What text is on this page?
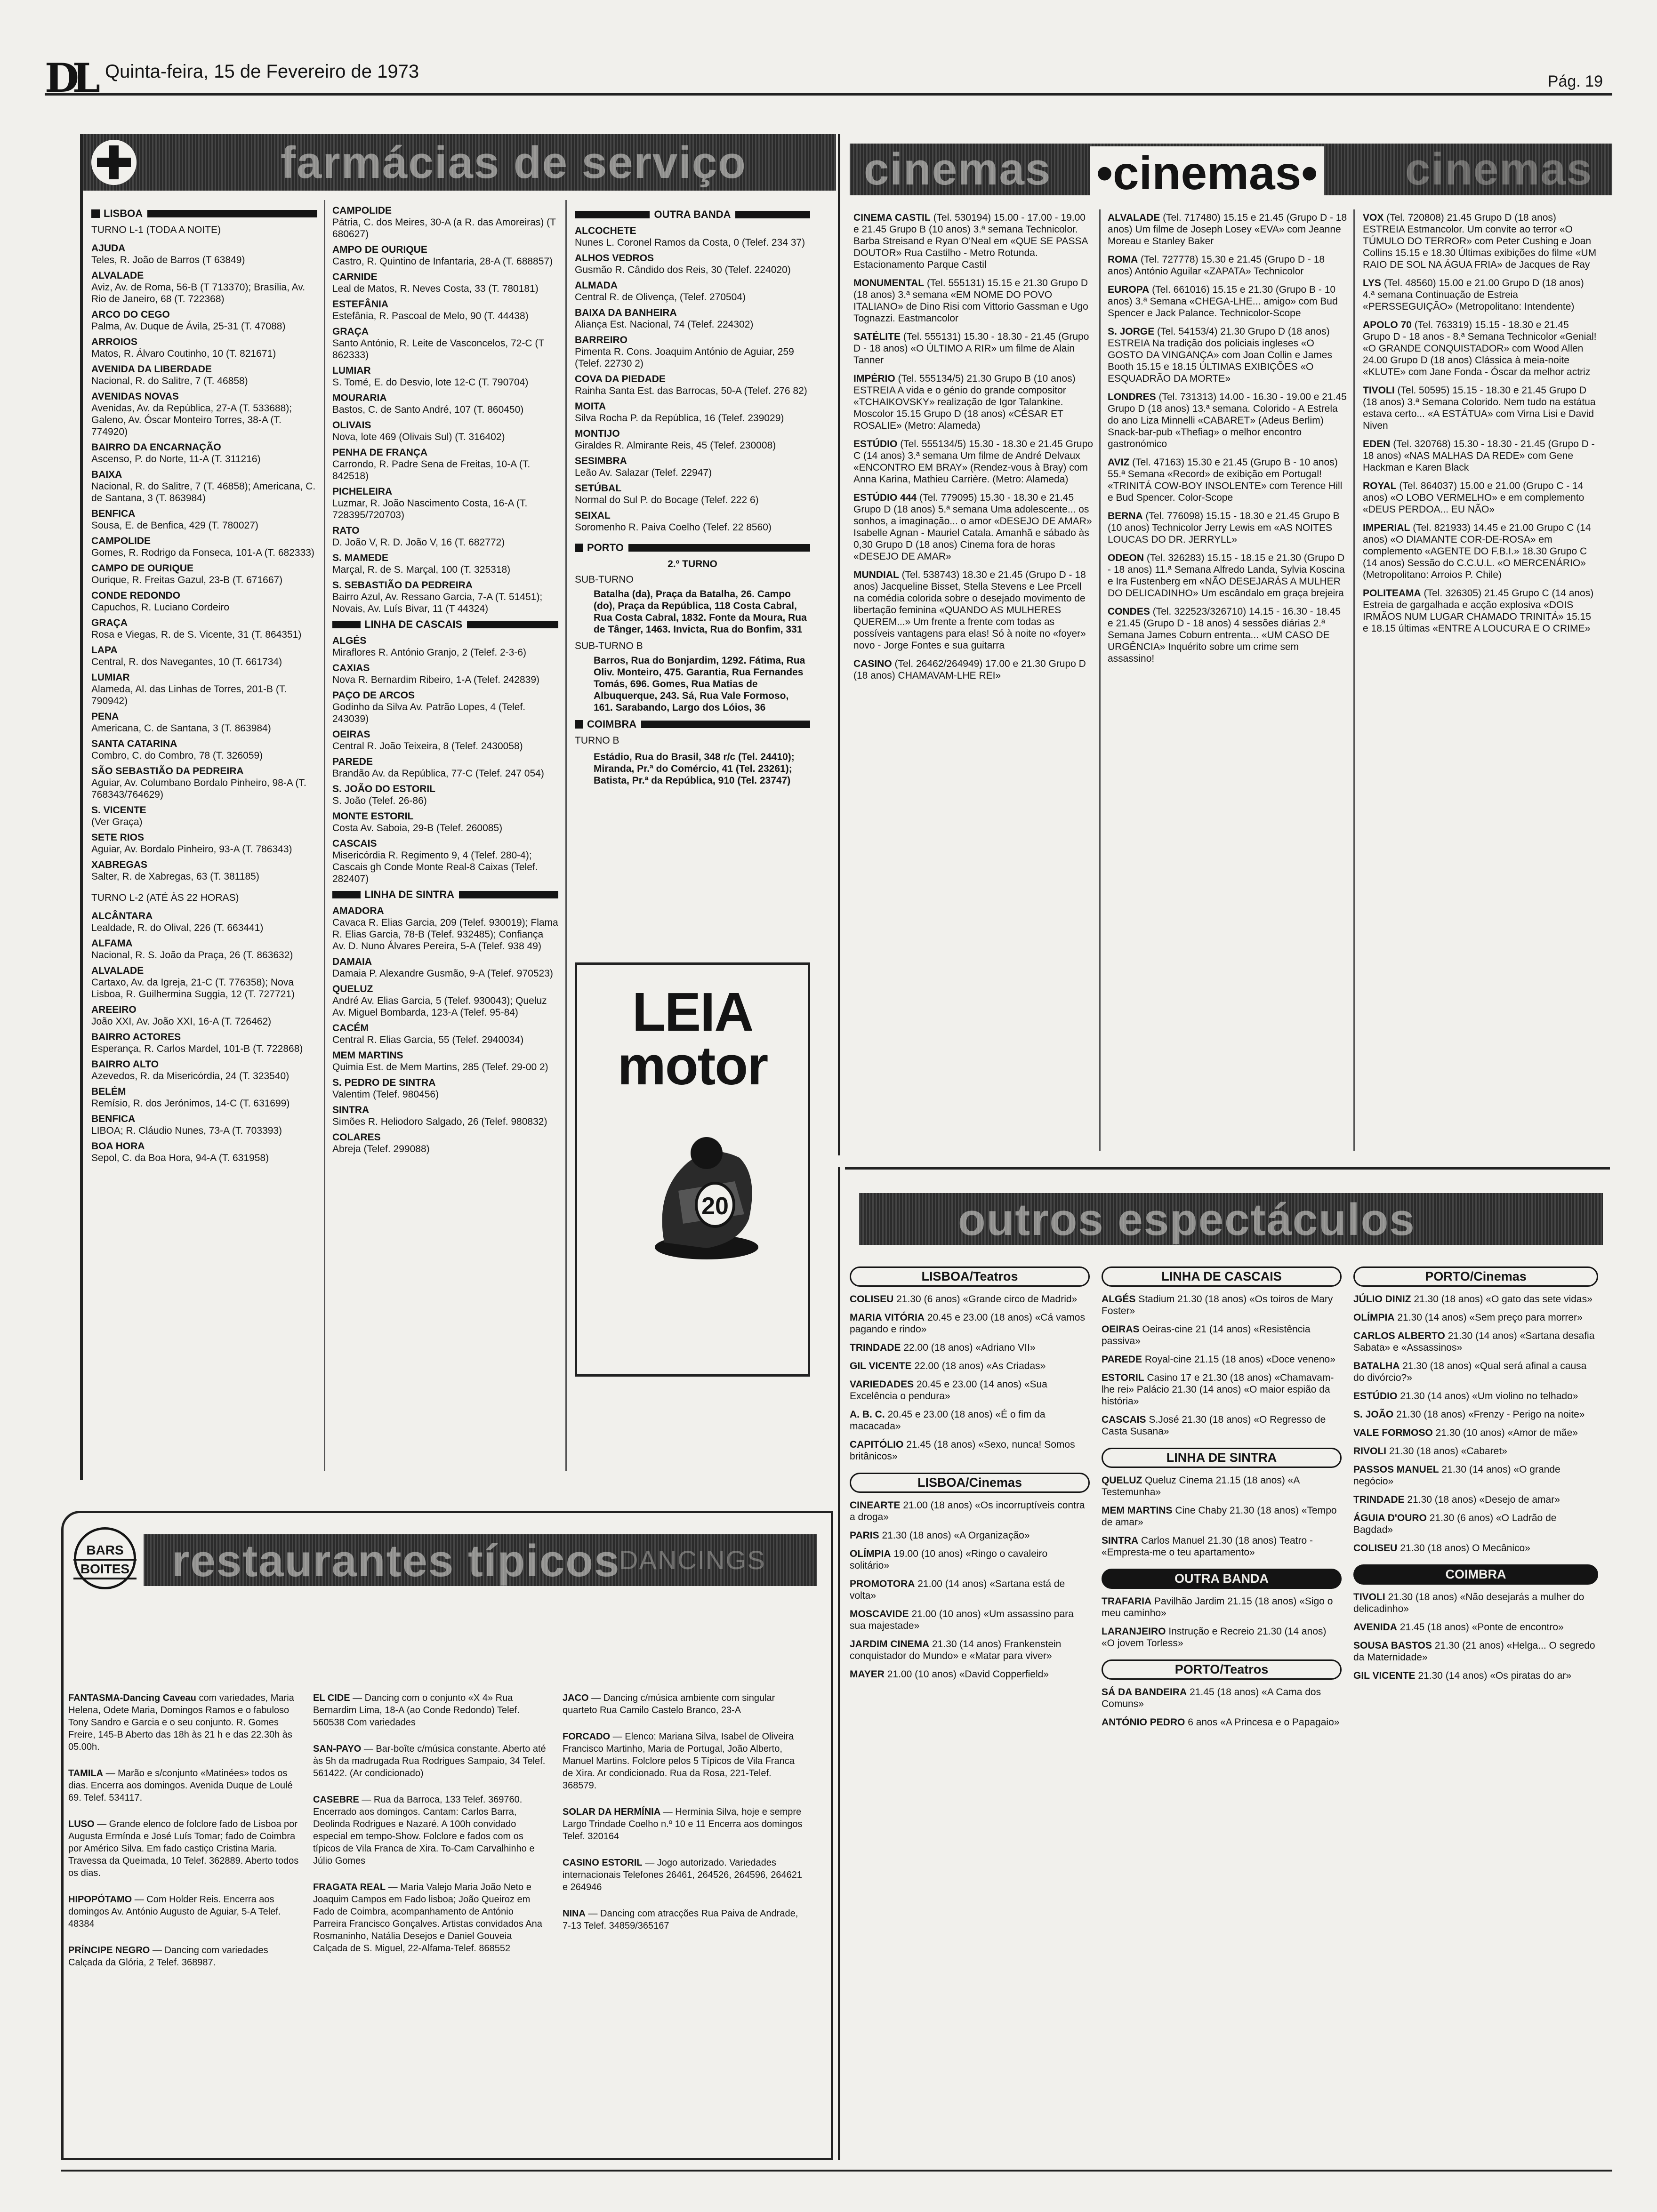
DL Quinta-feira, 15 de Fevereiro de 1973	Pág. 19
farmácias de serviço
LISBOA
TURNO L-1 (TODA A NOITE)
AJUDA
Teles, R. João de Barros (T 63849)
ALVALADE
Aviz, Av. de Roma, 56-B (T 713370); Brasília, Av. Rio de Janeiro, 68 (T. 722368)
ARCO DO CEGO
Palma, Av. Duque de Ávila, 25-31 (T. 47088)
ARROIOS
Matos, R. Álvaro Coutinho, 10 (T. 821671)
AVENIDA DA LIBERDADE
Nacional, R. do Salitre, 7 (T. 46858)
AVENIDAS NOVAS
Avenidas, Av. da República, 27-A (T. 533688); Galeno, Av. Óscar Monteiro Torres, 38-A (T. 774920)
BAIRRO DA ENCARNAÇÃO
Ascenso, P. do Norte, 11-A (T. 311216)
BAIXA
Nacional, R. do Salitre, 7 (T. 46858); Americana, C. de Santana, 3 (T. 863984)
BENFICA
Sousa, E. de Benfica, 429 (T. 780027)
CAMPOLIDE
Gomes, R. Rodrigo da Fonseca, 101-A (T. 682333)
CAMPO DE OURIQUE
Ourique, R. Freitas Gazul, 23-B (T. 671667)
CONDE REDONDO
Capuchos, R. Luciano Cordeiro
GRAÇA
Rosa e Viegas, R. de S. Vicente, 31 (T. 864351)
LAPA
Central, R. dos Navegantes, 10 (T. 661734)
LUMIAR
Alameda, Al. das Linhas de Torres, 201-B (T. 790942)
PENA
Americana, C. de Santana, 3 (T. 863984)
SANTA CATARINA
Combro, C. do Combro, 78 (T. 326059)
SÃO SEBASTIÃO DA PEDREIRA
Aguiar, Av. Columbano Bordalo Pinheiro, 98-A (T. 768343/764629)
S. VICENTE
(Ver Graça)
SETE RIOS
Aguiar, Av. Bordalo Pinheiro, 93-A (T. 786343)
XABREGAS
Salter, R. de Xabregas, 63 (T. 381185)
TURNO L-2 (ATÉ ÀS 22 HORAS)
ALCÂNTARA
Lealdade, R. do Olival, 226 (T. 663441)
ALFAMA
Nacional, R. S. João da Praça, 26 (T. 863632)
ALVALADE
Cartaxo, Av. da Igreja, 21-C (T. 776358); Nova Lisboa, R. Guilhermina Suggia, 12 (T. 727721)
AREEIRO
João XXI, Av. João XXI, 16-A (T. 726462)
BAIRRO ACTORES
Esperança, R. Carlos Mardel, 101-B (T. 722868)
BAIRRO ALTO
Azevedos, R. da Misericórdia, 24 (T. 323540)
BELÉM
Remísio, R. dos Jerónimos, 14-C (T. 631699)
BENFICA
LIBOA; R. Cláudio Nunes, 73-A (T. 703393)
BOA HORA
Sepol, C. da Boa Hora, 94-A (T. 631958)
CAMPOLIDE
Pátria, C. dos Meires, 30-A (a R. das Amoreiras) (T 680627)
AMPO DE OURIQUE
Castro, R. Quintino de Infantaria, 28-A (T. 688857)
CARNIDE
Leal de Matos, R. Neves Costa, 33 (T. 780181)
ESTEFÂNIA
Estefânia, R. Pascoal de Melo, 90 (T. 44438)
GRAÇA
Santo António, R. Leite de Vasconcelos, 72-C (T 862333)
LUMIAR
S. Tomé, E. do Desvio, lote 12-C (T. 790704)
MOURARIA
Bastos, C. de Santo André, 107 (T. 860450)
OLIVAIS
Nova, lote 469 (Olivais Sul) (T. 316402)
PENHA DE FRANÇA
Carrondo, R. Padre Sena de Freitas, 10-A (T. 842518)
PICHELEIRA
Luzmar, R. João Nascimento Costa, 16-A (T. 728395/720703)
RATO
D. João V, R. D. João V, 16 (T. 682772)
S. MAMEDE
Marçal, R. de S. Marçal, 100 (T. 325318)
S. SEBASTIÃO DA PEDREIRA
Bairro Azul, Av. Ressano Garcia, 7-A (T. 51451); Novais, Av. Luís Bivar, 11 (T 44324)
LINHA DE CASCAIS
ALGÉS
Miraflores R. António Granjo, 2 (Telef. 2-3-6)
CAXIAS
Nova R. Bernardim Ribeiro, 1-A (Telef. 242839)
PAÇO DE ARCOS
Godinho da Silva Av. Patrão Lopes, 4 (Telef. 243039)
OEIRAS
Central R. João Teixeira, 8 (Telef. 2430058)
PAREDE
Brandão Av. da República, 77-C (Telef. 247 054)
S. JOÃO DO ESTORIL
S. João (Telef. 26-86)
MONTE ESTORIL
Costa Av. Saboia, 29-B (Telef. 260085)
CASCAIS
Misericórdia R. Regimento 9, 4 (Telef. 280-4); Cascais gh Conde Monte Real-8 Caixas (Telef. 282407)
LINHA DE SINTRA
AMADORA
Cavaca R. Elias Garcia, 209 (Telef. 930019); Flama R. Elias Garcia, 78-B (Telef. 932485); Confiança Av. D. Nuno Álvares Pereira, 5-A (Telef. 938 49)
DAMAIA
Damaia P. Alexandre Gusmão, 9-A (Telef. 970523)
QUELUZ
André Av. Elias Garcia, 5 (Telef. 930043); Queluz Av. Miguel Bombarda, 123-A (Telef. 95-84)
CACÉM
Central R. Elias Garcia, 55 (Telef. 2940034)
MEM MARTINS
Quimia Est. de Mem Martins, 285 (Telef. 29-00 2)
S. PEDRO DE SINTRA
Valentim (Telef. 980456)
SINTRA
Simões R. Heliodoro Salgado, 26 (Telef. 980832)
COLARES
Abreja (Telef. 299088)
OUTRA BANDA
ALCOCHETE
Nunes L. Coronel Ramos da Costa, 0 (Telef. 234 37)
ALHOS VEDROS
Gusmão R. Cândido dos Reis, 30 (Telef. 224020)
ALMADA
Central R. de Olivença, (Telef. 270504)
BAIXA DA BANHEIRA
Aliança Est. Nacional, 74 (Telef. 224302)
BARREIRO
Pimenta R. Cons. Joaquim António de Aguiar, 259 (Telef. 22730 2)
COVA DA PIEDADE
Rainha Santa Est. das Barrocas, 50-A (Telef. 276 82)
MOITA
Silva Rocha P. da República, 16 (Telef. 239029)
MONTIJO
Giraldes R. Almirante Reis, 45 (Telef. 230008)
SESIMBRA
Leão Av. Salazar (Telef. 22947)
SETÚBAL
Normal do Sul P. do Bocage (Telef. 222 6)
SEIXAL
Soromenho R. Paiva Coelho (Telef. 22 8560)
PORTO
2.º TURNO
SUB-TURNO
Batalha (da), Praça da Batalha, 26. Campo (do), Praça da República, 118 Costa Cabral, Rua Costa Cabral, 1832. Fonte da Moura, Rua de Tânger, 1463. Invicta, Rua do Bonfim, 331
SUB-TURNO B
Barros, Rua do Bonjardim, 1292. Fátima, Rua Oliv. Monteiro, 475. Garantia, Rua Fernandes Tomás, 696. Gomes, Rua Matias de Albuquerque, 243. Sá, Rua Vale Formoso, 161. Sarabando, Largo dos Lóios, 36
COIMBRA
TURNO B
Estádio, Rua do Brasil, 348 r/c (Tel. 24410); Miranda, Pr.ª do Comércio, 41 (Tel. 23261); Batista, Pr.ª da República, 910 (Tel. 23747)
LEIA
motor
20
restaurantes típicos
DANCINGS
BARS
BOITES
FANTASMA-Dancing Caveau com variedades, Maria Helena, Odete Maria, Domingos Ramos e o fabuloso Tony Sandro e Garcia e o seu conjunto. R. Gomes Freire, 145-B Aberto das 18h às 21 h e das 22.30h às 05.00h.
TAMILA — Marão e s/conjunto «Matinées» todos os dias. Encerra aos domingos. Avenida Duque de Loulé 69. Telef. 534117.
LUSO — Grande elenco de folclore fado de Lisboa por Augusta Ermínda e José Luís Tomar; fado de Coimbra por Américo Silva. Em fado castiço Cristina Maria. Travessa da Queimada, 10 Telef. 362889. Aberto todos os dias.
HIPOPÓTAMO — Com Holder Reis. Encerra aos domingos Av. António Augusto de Aguiar, 5-A Telef. 48384
PRÍNCIPE NEGRO — Dancing com variedades Calçada da Glória, 2 Telef. 368987.
EL CIDE — Dancing com o conjunto «X 4» Rua Bernardim Lima, 18-A (ao Conde Redondo) Telef. 560538 Com variedades
SAN-PAYO — Bar-boîte c/música constante. Aberto até às 5h da madrugada Rua Rodrigues Sampaio, 34 Telef. 561422. (Ar condicionado)
CASEBRE — Rua da Barroca, 133 Telef. 369760. Encerrado aos domingos. Cantam: Carlos Barra, Deolinda Rodrigues e Nazaré. A 100h convidado especial em tempo-Show. Folclore e fados com os típicos de Vila Franca de Xira. To-Cam Carvalhinho e Júlio Gomes
FRAGATA REAL — Maria Valejo Maria João Neto e Joaquim Campos em Fado lisboa; João Queiroz em Fado de Coimbra, acompanhamento de António Parreira Francisco Gonçalves. Artistas convidados Ana Rosmaninho, Natália Desejos e Daniel Gouveia Calçada de S. Miguel, 22-Alfama-Telef. 868552
JACO — Dancing c/música ambiente com singular quarteto Rua Camilo Castelo Branco, 23-A
FORCADO — Elenco: Mariana Silva, Isabel de Oliveira Francisco Martinho, Maria de Portugal, João Alberto, Manuel Martins. Folclore pelos 5 Típicos de Vila Franca de Xira. Ar condicionado. Rua da Rosa, 221-Telef. 368579.
SOLAR DA HERMÍNIA — Hermínia Silva, hoje e sempre Largo Trindade Coelho n.º 10 e 11 Encerra aos domingos Telef. 320164
CASINO ESTORIL — Jogo autorizado. Variedades internacionais Telefones 26461, 264526, 264596, 264621 e 264946
NINA — Dancing com atracções Rua Paiva de Andrade, 7-13 Telef. 34859/365167
cinemas •cinemas• cinemas
CINEMA CASTIL (Tel. 530194) 15.00 - 17.00 - 19.00 e 21.45 Grupo B (10 anos) 3.ª semana Technicolor. Barba Streisand e Ryan O'Neal em «QUE SE PASSA DOUTOR» Rua Castilho - Metro Rotunda. Estacionamento Parque Castil
MONUMENTAL (Tel. 555131) 15.15 e 21.30 Grupo D (18 anos) 3.ª semana «EM NOME DO POVO ITALIANO» de Dino Risi com Vittorio Gassman e Ugo Tognazzi. Eastmancolor
SATÉLITE (Tel. 555131) 15.30 - 18.30 - 21.45 (Grupo D - 18 anos) «O ÚLTIMO A RIR» um filme de Alain Tanner
IMPÉRIO (Tel. 555134/5) 21.30 Grupo B (10 anos) ESTREIA A vida e o génio do grande compositor «TCHAIKOVSKY» realização de Igor Talankine. Moscolor 15.15 Grupo D (18 anos) «CÉSAR ET ROSALIE» (Metro: Alameda)
ESTÚDIO (Tel. 555134/5) 15.30 - 18.30 e 21.45 Grupo C (14 anos) 3.ª semana Um filme de André Delvaux «ENCONTRO EM BRAY» (Rendez-vous à Bray) com Anna Karina, Mathieu Carrière. (Metro: Alameda)
ESTÚDIO 444 (Tel. 779095) 15.30 - 18.30 e 21.45 Grupo D (18 anos) 5.ª semana Uma adolescente... os sonhos, a imaginação... o amor «DESEJO DE AMAR» Isabelle Agnan - Mauriel Catala. Amanhã e sábado às 0,30 Grupo D (18 anos) Cinema fora de horas «DESEJO DE AMAR»
MUNDIAL (Tel. 538743) 18.30 e 21.45 (Grupo D - 18 anos) Jacqueline Bisset, Stella Stevens e Lee Prcell na comédia colorida sobre o desejado movimento de libertação feminina «QUANDO AS MULHERES QUEREM...» Um frente a frente com todas as possíveis vantagens para elas! Só à noite no «foyer» novo - Jorge Fontes e sua guitarra
CASINO (Tel. 26462/264949) 17.00 e 21.30 Grupo D (18 anos) CHAMAVAM-LHE REI»
ALVALADE (Tel. 717480) 15.15 e 21.45 (Grupo D - 18 anos) Um filme de Joseph Losey «EVA» com Jeanne Moreau e Stanley Baker
ROMA (Tel. 727778) 15.30 e 21.45 (Grupo D - 18 anos) António Aguilar «ZAPATA» Technicolor
EUROPA (Tel. 661016) 15.15 e 21.30 (Grupo B - 10 anos) 3.ª Semana «CHEGA-LHE... amigo» com Bud Spencer e Jack Palance. Technicolor-Scope
S. JORGE (Tel. 54153/4) 21.30 Grupo D (18 anos) ESTREIA Na tradição dos policiais ingleses «O GOSTO DA VINGANÇA» com Joan Collin e James Booth 15.15 e 18.15 ÚLTIMAS EXIBIÇÕES «O ESQUADRÃO DA MORTE»
LONDRES (Tel. 731313) 14.00 - 16.30 - 19.00 e 21.45 Grupo D (18 anos) 13.ª semana. Colorido - A Estrela do ano Liza Minnelli «CABARET» (Adeus Berlim) Snack-bar-pub «Thefiag» o melhor encontro gastronómico
AVIZ (Tel. 47163) 15.30 e 21.45 (Grupo B - 10 anos) 55.ª Semana «Record» de exibição em Portugal! «TRINITÁ COW-BOY INSOLENTE» com Terence Hill e Bud Spencer. Color-Scope
BERNA (Tel. 776098) 15.15 - 18.30 e 21.45 Grupo B (10 anos) Technicolor Jerry Lewis em «AS NOITES LOUCAS DO DR. JERRYLL»
ODEON (Tel. 326283) 15.15 - 18.15 e 21.30 (Grupo D - 18 anos) 11.ª Semana Alfredo Landa, Sylvia Koscina e Ira Fustenberg em «NÃO DESEJARÁS A MULHER DO DELICADINHO» Um escândalo em graça brejeira
CONDES (Tel. 322523/326710) 14.15 - 16.30 - 18.45 e 21.45 (Grupo D - 18 anos) 4 sessões diárias 2.ª Semana James Coburn entrenta... «UM CASO DE URGÊNCIA» Inquérito sobre um crime sem assassino!
VOX (Tel. 720808) 21.45 Grupo D (18 anos) ESTREIA Estmancolor. Um convite ao terror «O TÚMULO DO TERROR» com Peter Cushing e Joan Collins 15.15 e 18.30 Últimas exibições do filme «UM RAIO DE SOL NA ÁGUA FRIA» de Jacques de Ray
LYS (Tel. 48560) 15.00 e 21.00 Grupo D (18 anos) 4.ª semana Continuação de Estreia «PERSSEGUIÇÃO» (Metropolitano: Intendente)
APOLO 70 (Tel. 763319) 15.15 - 18.30 e 21.45 Grupo D - 18 anos - 8.ª Semana Technicolor «Genial! «O GRANDE CONQUISTADOR» com Wood Allen 24.00 Grupo D (18 anos) Clássica à meia-noite «KLUTE» com Jane Fonda - Óscar da melhor actriz
TIVOLI (Tel. 50595) 15.15 - 18.30 e 21.45 Grupo D (18 anos) 3.ª Semana Colorido. Nem tudo na estátua estava certo... «A ESTÁTUA» com Virna Lisi e David Niven
EDEN (Tel. 320768) 15.30 - 18.30 - 21.45 (Grupo D - 18 anos) «NAS MALHAS DA REDE» com Gene Hackman e Karen Black
ROYAL (Tel. 864037) 15.00 e 21.00 (Grupo C - 14 anos) «O LOBO VERMELHO» e em complemento «DEUS PERDOA... EU NÃO»
IMPERIAL (Tel. 821933) 14.45 e 21.00 Grupo C (14 anos) «O DIAMANTE COR-DE-ROSA» em complemento «AGENTE DO F.B.I.» 18.30 Grupo C (14 anos) Sessão do C.C.U.L. «O MERCENÁRIO» (Metropolitano: Arroios P. Chile)
POLITEAMA (Tel. 326305) 21.45 Grupo C (14 anos) Estreia de gargalhada e acção explosiva «DOIS IRMÃOS NUM LUGAR CHAMADO TRINITÁ» 15.15 e 18.15 últimas «ENTRE A LOUCURA E O CRIME»
outros espectáculos
LISBOA/Teatros
COLISEU 21.30 (6 anos) «Grande circo de Madrid»
MARIA VITÓRIA 20.45 e 23.00 (18 anos) «Cá vamos pagando e rindo»
TRINDADE 22.00 (18 anos) «Adriano VII»
GIL VICENTE 22.00 (18 anos) «As Criadas»
VARIEDADES 20.45 e 23.00 (14 anos) «Sua Excelência o pendura»
A. B. C. 20.45 e 23.00 (18 anos) «É o fim da macacada»
CAPITÓLIO 21.45 (18 anos) «Sexo, nunca! Somos britânicos»
LISBOA/Cinemas
CINEARTE 21.00 (18 anos) «Os incorruptíveis contra a droga»
PARIS 21.30 (18 anos) «A Organização»
OLÍMPIA 19.00 (10 anos) «Ringo o cavaleiro solitário»
PROMOTORA 21.00 (14 anos) «Sartana está de volta»
MOSCAVIDE 21.00 (10 anos) «Um assassino para sua majestade»
JARDIM CINEMA 21.30 (14 anos) Frankenstein conquistador do Mundo» e «Matar para viver»
MAYER 21.00 (10 anos) «David Copperfield»
LINHA DE CASCAIS
ALGÉS Stadium 21.30 (18 anos) «Os toiros de Mary Foster»
OEIRAS Oeiras-cine 21 (14 anos) «Resistência passiva»
PAREDE Royal-cine 21.15 (18 anos) «Doce veneno»
ESTORIL Casino 17 e 21.30 (18 anos) «Chamavam-lhe rei» Palácio 21.30 (14 anos) «O maior espião da história»
CASCAIS S.José 21.30 (18 anos) «O Regresso de Casta Susana»
LINHA DE SINTRA
QUELUZ Queluz Cinema 21.15 (18 anos) «A Testemunha»
MEM MARTINS Cine Chaby 21.30 (18 anos) «Tempo de amar»
SINTRA Carlos Manuel 21.30 (18 anos) Teatro - «Empresta-me o teu apartamento»
OUTRA BANDA
TRAFARIA Pavilhão Jardim 21.15 (18 anos) «Sigo o meu caminho»
LARANJEIRO Instrução e Recreio 21.30 (14 anos) «O jovem Torless»
PORTO/Teatros
SÁ DA BANDEIRA 21.45 (18 anos) «A Cama dos Comuns»
ANTÓNIO PEDRO 6 anos «A Princesa e o Papagaio»
PORTO/Cinemas
JÚLIO DINIZ 21.30 (18 anos) «O gato das sete vidas»
OLÍMPIA 21.30 (14 anos) «Sem preço para morrer»
CARLOS ALBERTO 21.30 (14 anos) «Sartana desafia Sabata» e «Assassinos»
BATALHA 21.30 (18 anos) «Qual será afinal a causa do divórcio?»
ESTÚDIO 21.30 (14 anos) «Um violino no telhado»
S. JOÃO 21.30 (18 anos) «Frenzy - Perigo na noite»
VALE FORMOSO 21.30 (10 anos) «Amor de mãe»
RIVOLI 21.30 (18 anos) «Cabaret»
PASSOS MANUEL 21.30 (14 anos) «O grande negócio»
TRINDADE 21.30 (18 anos) «Desejo de amar»
ÁGUIA D'OURO 21.30 (6 anos) «O Ladrão de Bagdad»
COLISEU 21.30 (18 anos) O Mecânico»
COIMBRA
TIVOLI 21.30 (18 anos) «Não desejarás a mulher do delicadinho»
AVENIDA 21.45 (18 anos) «Ponte de encontro»
SOUSA BASTOS 21.30 (21 anos) «Helga... O segredo da Maternidade»
GIL VICENTE 21.30 (14 anos) «Os piratas do ar»
